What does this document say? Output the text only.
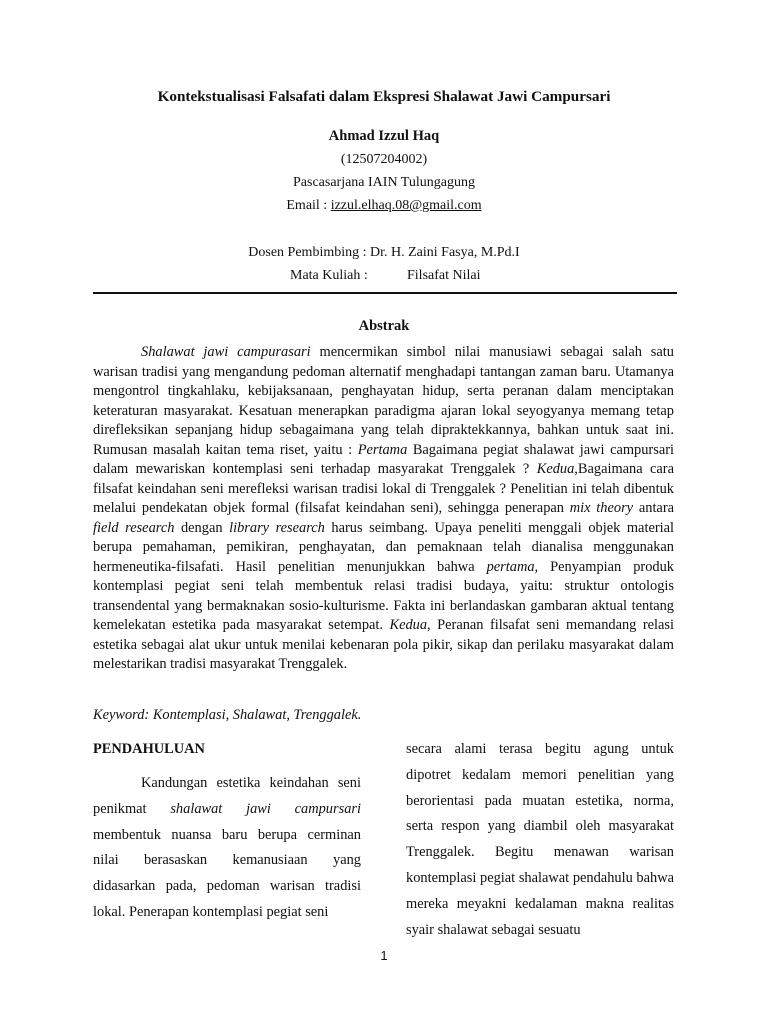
Kontekstualisasi Falsafati dalam Ekspresi Shalawat Jawi Campursari
Ahmad Izzul Haq
(12507204002)
Pascasarjana IAIN Tulungagung
Email : izzul.elhaq.08@gmail.com
Dosen Pembimbing : Dr. H. Zaini Fasya, M.Pd.I
Mata Kuliah :	Filsafat Nilai
Abstrak

Shalawat jawi campurasari mencermikan simbol nilai manusiawi sebagai salah satu warisan tradisi yang mengandung pedoman alternatif menghadapi tantangan zaman baru. Utamanya mengontrol tingkahlaku, kebijaksanaan, penghayatan hidup, serta peranan dalam menciptakan keteraturan masyarakat. Kesatuan menerapkan paradigma ajaran lokal seyogyanya memang tetap direfleksikan sepanjang hidup sebagaimana yang telah dipraktekkannya, bahkan untuk saat ini. Rumusan masalah kaitan tema riset, yaitu : Pertama Bagaimana pegiat shalawat jawi campursari dalam mewariskan kontemplasi seni terhadap masyarakat Trenggalek ? Kedua,Bagaimana cara filsafat keindahan seni merefleksi warisan tradisi lokal di Trenggalek ? Penelitian ini telah dibentuk melalui pendekatan objek formal (filsafat keindahan seni), sehingga penerapan mix theory antara field research dengan library research harus seimbang. Upaya peneliti menggali objek material berupa pemahaman, pemikiran, penghayatan, dan pemaknaan telah dianalisa menggunakan hermeneutika-filsafati. Hasil penelitian menunjukkan bahwa pertama, Penyampian produk kontemplasi pegiat seni telah membentuk relasi tradisi budaya, yaitu: struktur ontologis transendental yang bermaknakan sosio-kulturisme. Fakta ini berlandaskan gambaran aktual tentang kemelekatan estetika pada masyarakat setempat. Kedua, Peranan filsafat seni memandang relasi estetika sebagai alat ukur untuk menilai kebenaran pola pikir, sikap dan perilaku masyarakat dalam melestarikan tradisi masyarakat Trenggalek.

Keyword: Kontemplasi, Shalawat, Trenggalek.

PENDAHULUAN

Kandungan estetika keindahan seni penikmat shalawat jawi campursari membentuk nuansa baru berupa cerminan nilai berasaskan kemanusiaan yang didasarkan pada, pedoman warisan tradisi lokal. Penerapan kontemplasi pegiat seni

secara alami terasa begitu agung untuk dipotret kedalam memori penelitian yang berorientasi pada muatan estetika, norma, serta respon yang diambil oleh masyarakat Trenggalek. Begitu menawan warisan kontemplasi pegiat shalawat pendahulu bahwa mereka meyakni kedalaman makna realitas syair shalawat sebagai sesuatu

1
